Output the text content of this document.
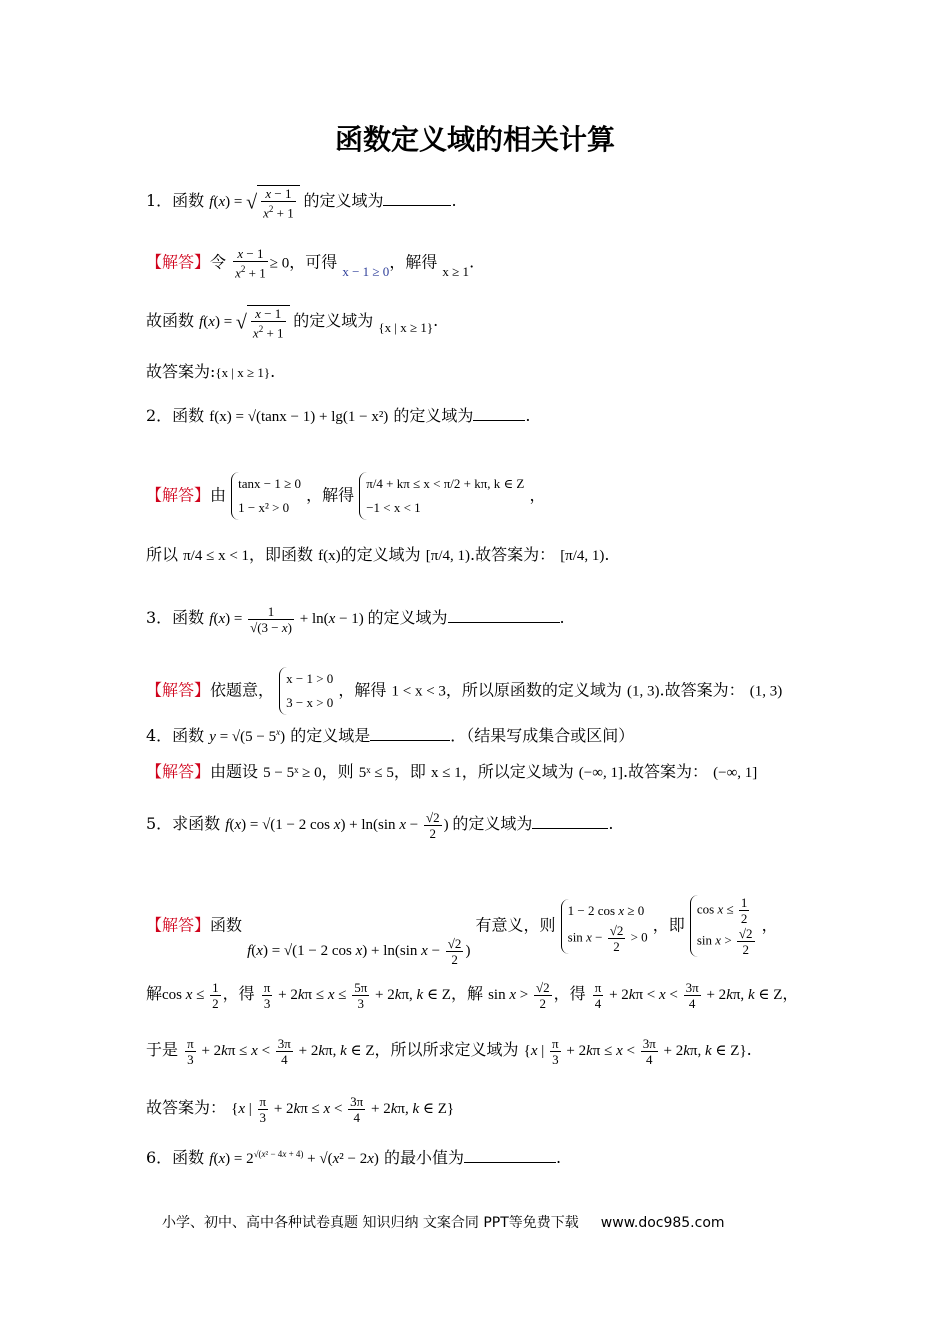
函数定义域的相关计算
1．函数 f(x) = √ $\frac{x - 1}{x^2 + 1}$ 的定义域为	.
【解答】令 $\frac{x - 1}{x^2 + 1} \ge 0$，可得 $_{x - 1 \ge 0}$，解得 $_{x \ge 1}$.
故函数 f(x) = √ $\frac{x - 1}{x^2 + 1}$ 的定义域为 $_{\{x | x \ge 1\}}$.
故答案为:{x | x ≥ 1}.
2．函数 f(x) = √(tanx − 1) + lg(1 − x²) 的定义域为	.
【解答】由
tanx − 1 ≥ 0
1 − x² > 0
，解得
π/4 + kπ ≤ x < π/2 + kπ, k ∈ Z
−1 < x < 1
，
所以 π/4 ≤ x < 1，即函数 f(x)的定义域为 [π/4, 1).故答案为： [π/4, 1).
3．函数 $f(x) = \frac{1}{√(3 - x)} + \ln(x - 1)$ 的定义域为	.
【解答】依题意，
x − 1 > 0
3 − x > 0
，解得 1 < x < 3，所以原函数的定义域为 (1, 3).故答案为： (1, 3)
4．函数 $y = √(5 - 5^x)$ 的定义域是	．（结果写成集合或区间）
【解答】由题设 5 − 5ˣ ≥ 0，则 5ˣ ≤ 5，即 x ≤ 1，所以定义域为 (−∞, 1].故答案为： (−∞, 1]
5．求函数 f(x) = √(1 − 2 cos x) + ln(sin $x - \frac{√2}{2}$ ) 的定义域为	.
【解答】函数 f(x) = √(1 − 2 cos x) + ln(sin $x - \frac{√2}{2}$ ) 有意义，则
1 − 2 cos x ≥ 0
$\sin x - \frac{√2}{2} > 0$
，即
$\cos x \le \frac{1}{2}$
$\sin x > \frac{√2}{2}$
，
解$\cos x \le \frac{1}{2}$ ，得 $\frac{\pi}{3} + 2k\pi \le x \le \frac{5\pi}{3} + 2k\pi$, k ∈ Z，解 $\sin x > \frac{√2}{2}$ ，得 $\frac{\pi}{4} + 2k\pi < x < \frac{3\pi}{4} + 2k\pi$, k ∈ Z，
于是 $\frac{\pi}{3} + 2k\pi \le x < \frac{3\pi}{4} + 2k\pi$, k ∈ Z，所以所求定义域为 {x | $\frac{\pi}{3} + 2k\pi \le x < \frac{3\pi}{4} + 2k\pi$, k ∈ Z}.
故答案为： {x | $\frac{\pi}{3} + 2k\pi \le x < \frac{3\pi}{4} + 2k\pi$, k ∈ Z}
6．函数 $f(x) = 2^{√(x^2 - 4x + 4)} + √(x^2 - 2x)$ 的最小值为	.
小学、初中、高中各种试卷真题 知识归纳 文案合同 PPT等免费下载 www.doc985.com
